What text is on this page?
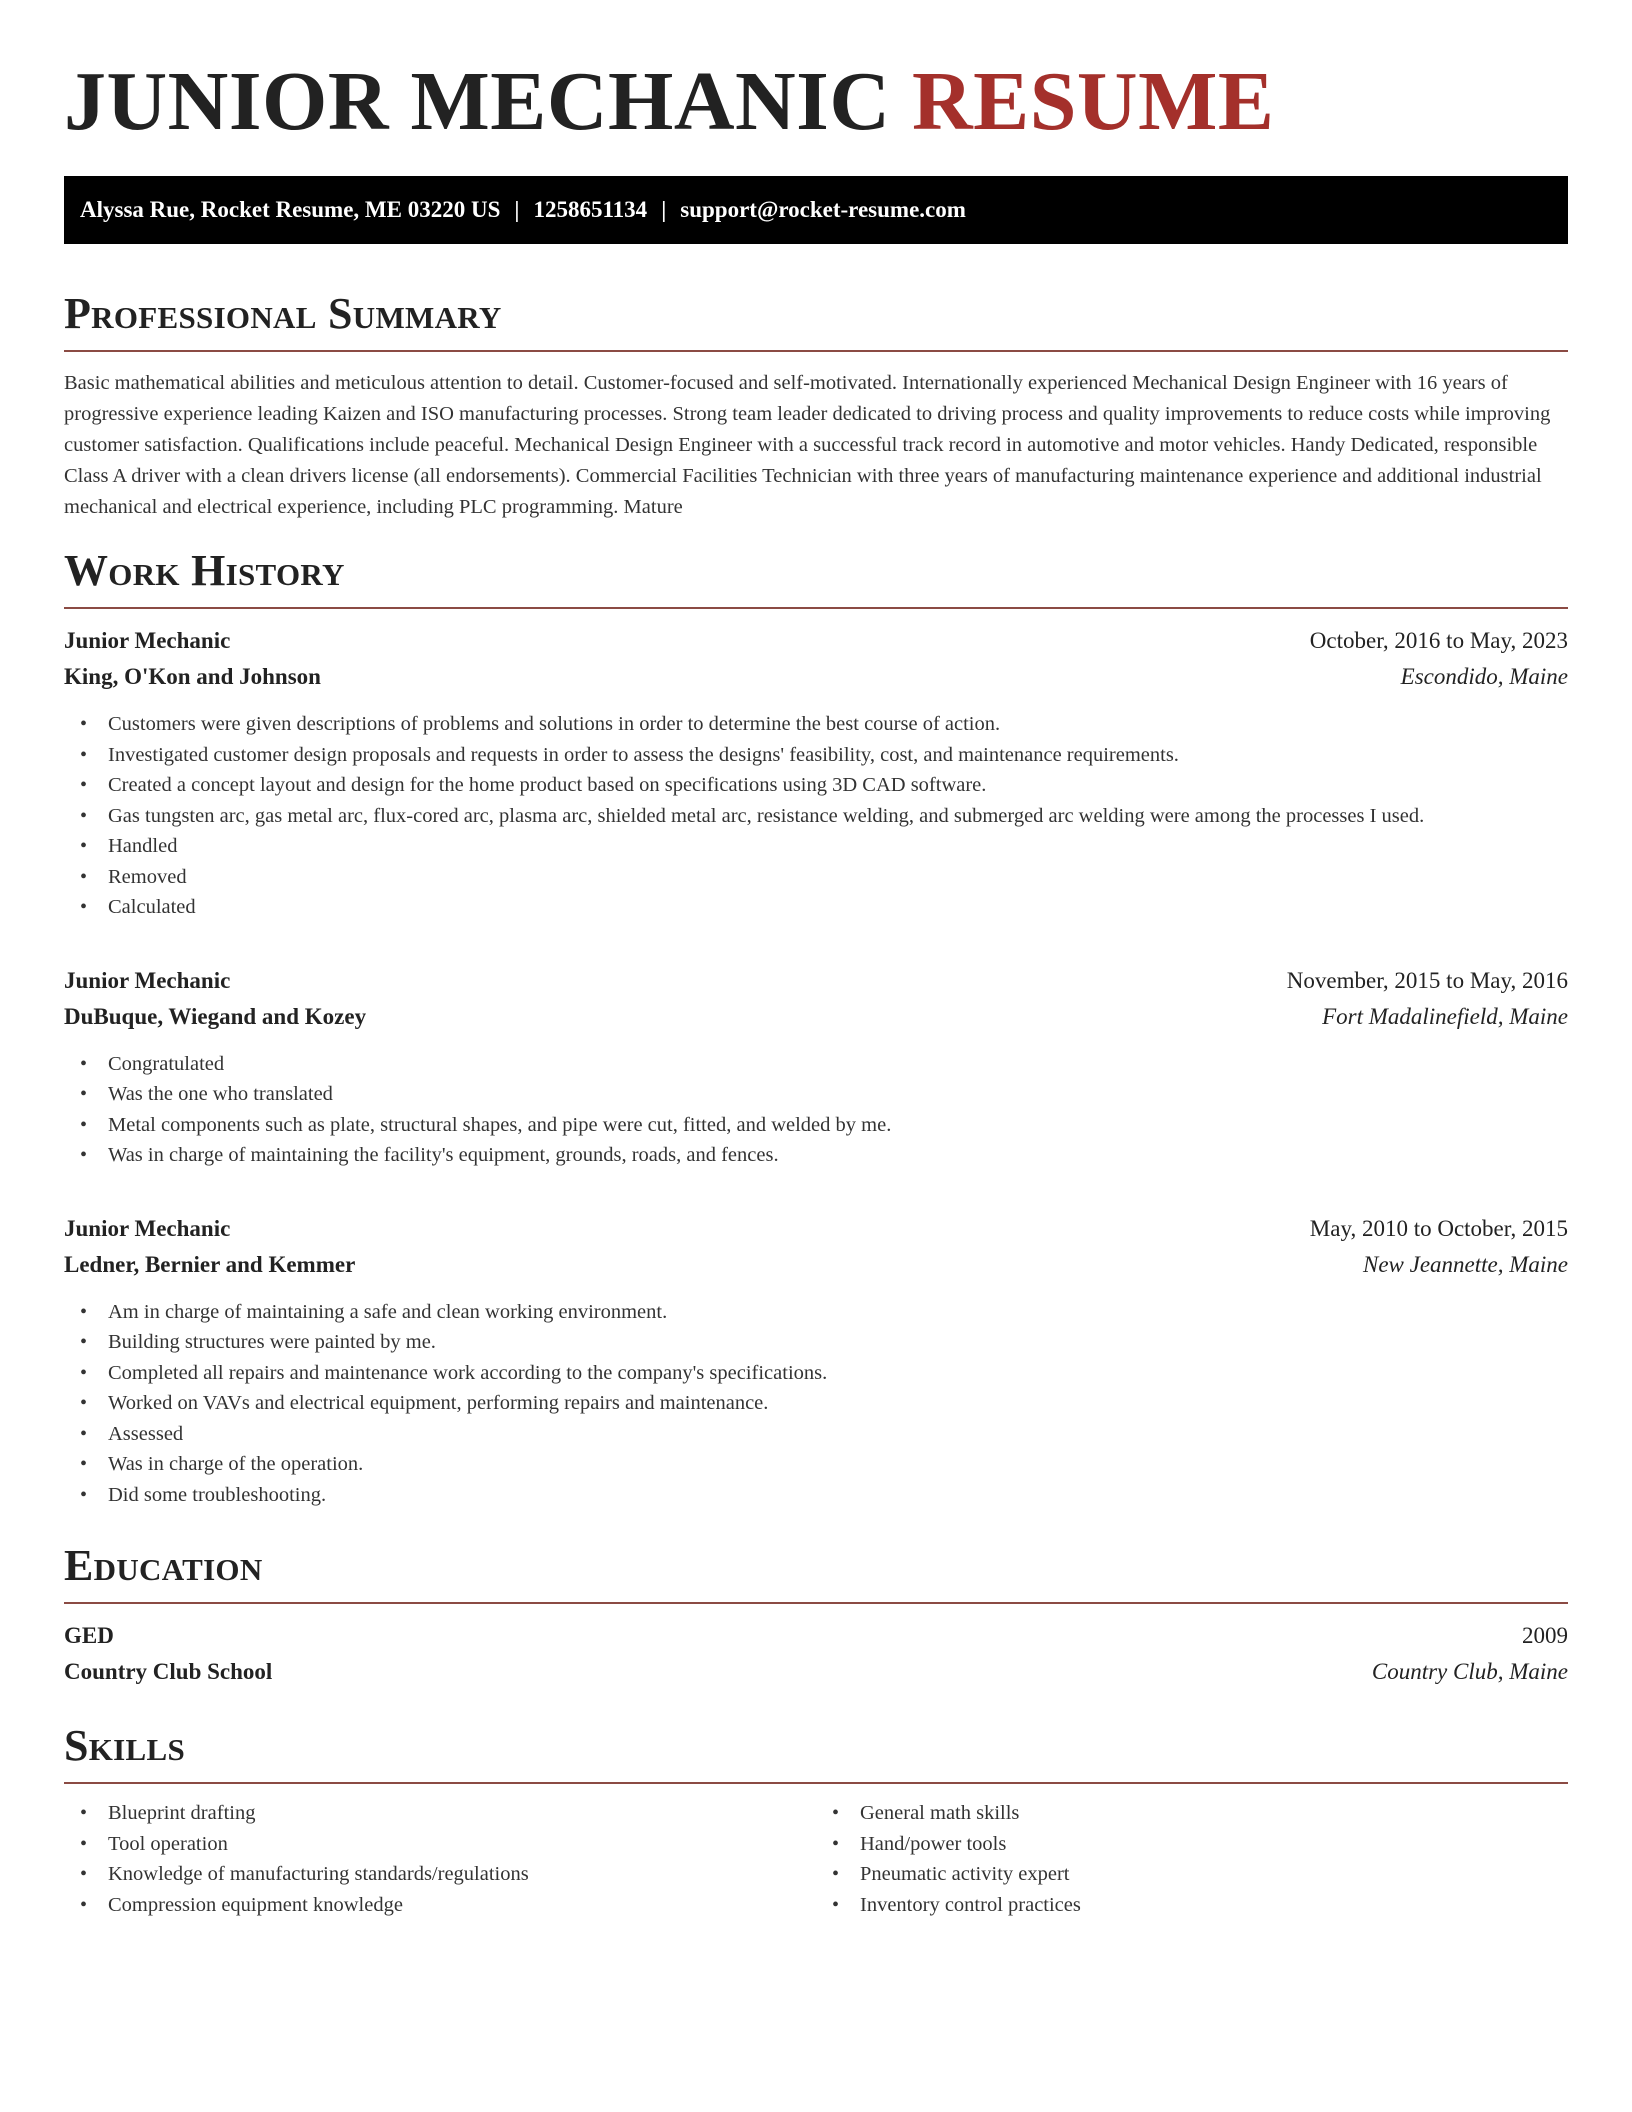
JUNIOR MECHANIC RESUME
Alyssa Rue, Rocket Resume, ME 03220 US | 1258651134 | support@rocket-resume.com
Professional Summary
Basic mathematical abilities and meticulous attention to detail. Customer-focused and self-motivated. Internationally experienced Mechanical Design Engineer with 16 years of progressive experience leading Kaizen and ISO manufacturing processes. Strong team leader dedicated to driving process and quality improvements to reduce costs while improving customer satisfaction. Qualifications include peaceful. Mechanical Design Engineer with a successful track record in automotive and motor vehicles. Handy Dedicated, responsible Class A driver with a clean drivers license (all endorsements). Commercial Facilities Technician with three years of manufacturing maintenance experience and additional industrial mechanical and electrical experience, including PLC programming. Mature
Work History
Junior Mechanic	October, 2016 to May, 2023
King, O'Kon and Johnson	Escondido, Maine
• Customers were given descriptions of problems and solutions in order to determine the best course of action.
• Investigated customer design proposals and requests in order to assess the designs' feasibility, cost, and maintenance requirements.
• Created a concept layout and design for the home product based on specifications using 3D CAD software.
• Gas tungsten arc, gas metal arc, flux-cored arc, plasma arc, shielded metal arc, resistance welding, and submerged arc welding were among the processes I used.
• Handled
• Removed
• Calculated
Junior Mechanic	November, 2015 to May, 2016
DuBuque, Wiegand and Kozey	Fort Madalinefield, Maine
• Congratulated
• Was the one who translated
• Metal components such as plate, structural shapes, and pipe were cut, fitted, and welded by me.
• Was in charge of maintaining the facility's equipment, grounds, roads, and fences.
Junior Mechanic	May, 2010 to October, 2015
Ledner, Bernier and Kemmer	New Jeannette, Maine
• Am in charge of maintaining a safe and clean working environment.
• Building structures were painted by me.
• Completed all repairs and maintenance work according to the company's specifications.
• Worked on VAVs and electrical equipment, performing repairs and maintenance.
• Assessed
• Was in charge of the operation.
• Did some troubleshooting.
Education
GED	2009
Country Club School	Country Club, Maine
Skills
• Blueprint drafting
• Tool operation
• Knowledge of manufacturing standards/regulations
• Compression equipment knowledge
• General math skills
• Hand/power tools
• Pneumatic activity expert
• Inventory control practices
